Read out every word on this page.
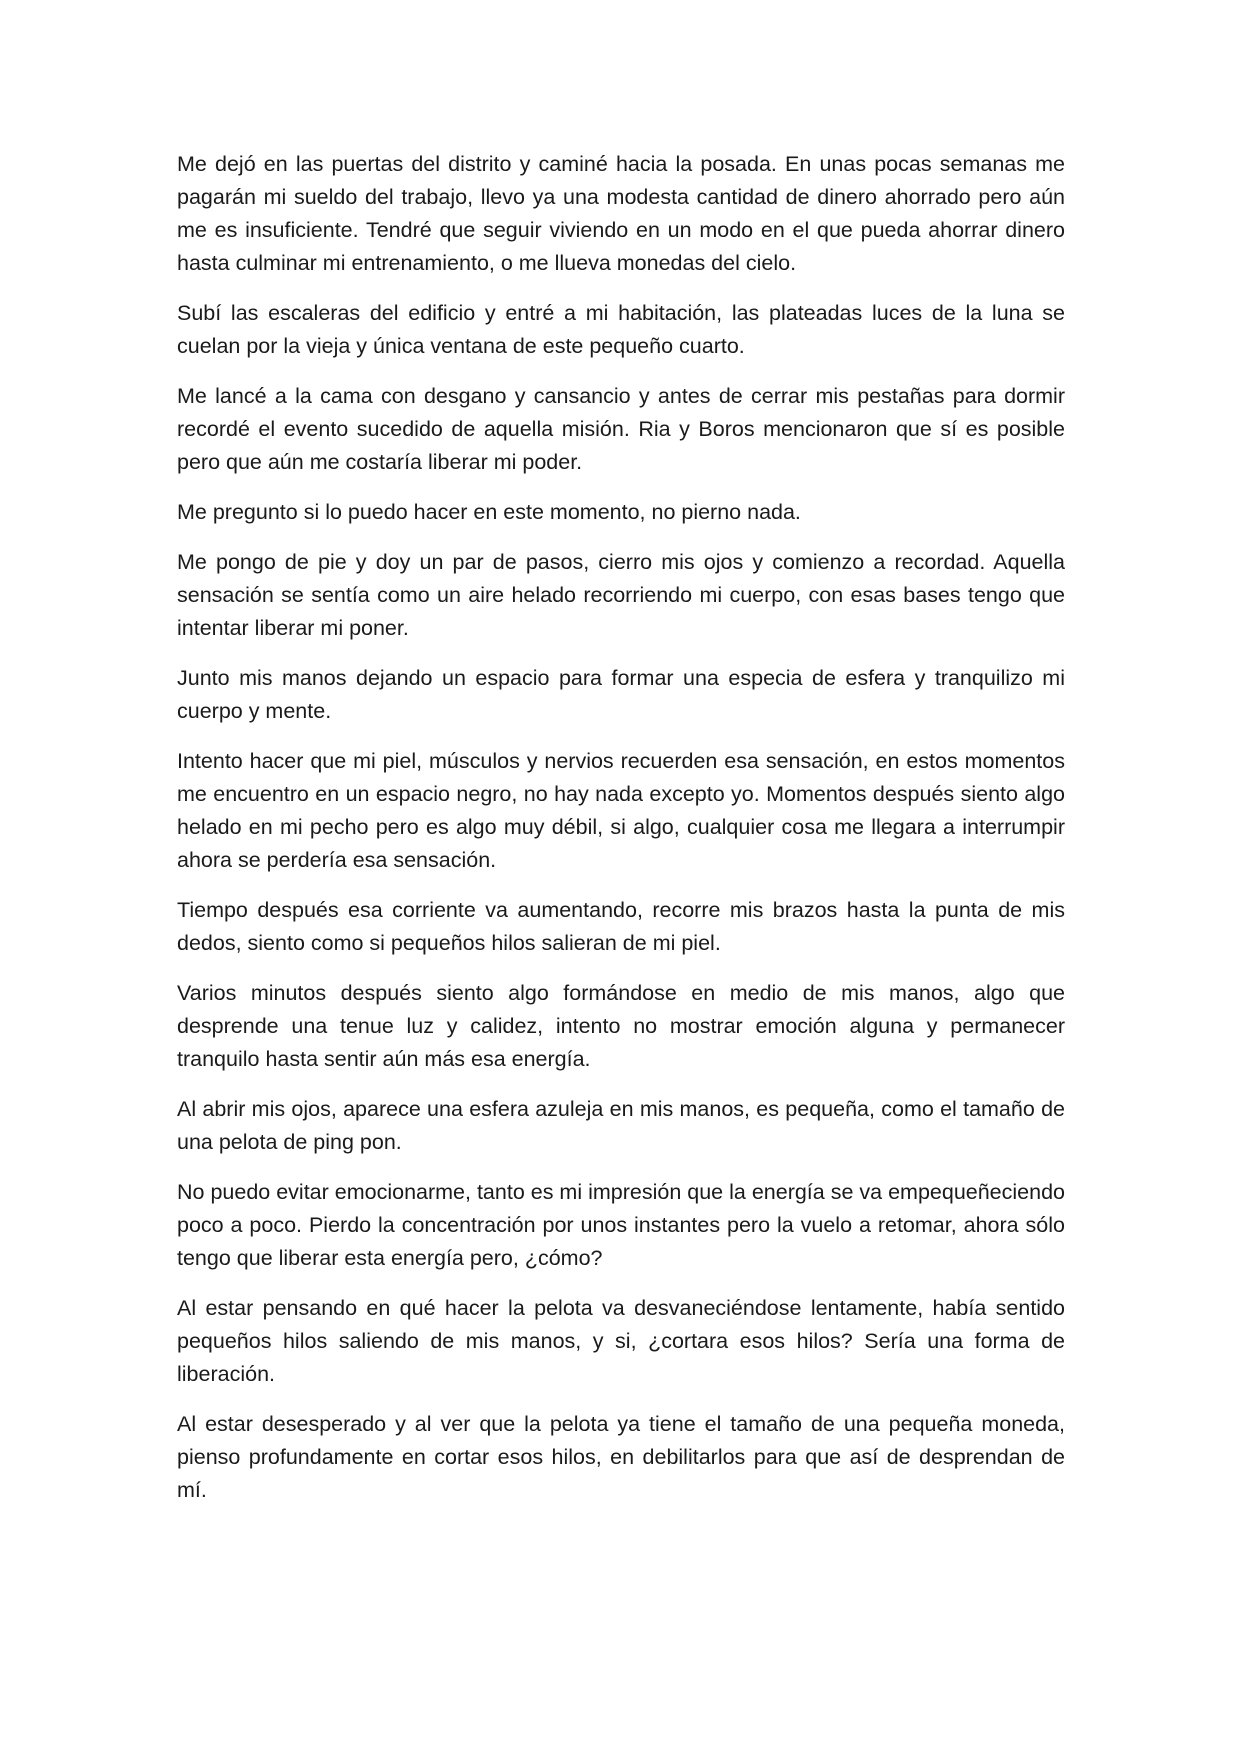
Me dejó en las puertas del distrito y caminé hacia la posada. En unas pocas semanas me pagarán mi sueldo del trabajo, llevo ya una modesta cantidad de dinero ahorrado pero aún me es insuficiente. Tendré que seguir viviendo en un modo en el que pueda ahorrar dinero hasta culminar mi entrenamiento, o me llueva monedas del cielo.

Subí las escaleras del edificio y entré a mi habitación, las plateadas luces de la luna se cuelan por la vieja y única ventana de este pequeño cuarto.

Me lancé a la cama con desgano y cansancio y antes de cerrar mis pestañas para dormir recordé el evento sucedido de aquella misión. Ria y Boros mencionaron que sí es posible pero que aún me costaría liberar mi poder.

Me pregunto si lo puedo hacer en este momento, no pierno nada.

Me pongo de pie y doy un par de pasos, cierro mis ojos y comienzo a recordad. Aquella sensación se sentía como un aire helado recorriendo mi cuerpo, con esas bases tengo que intentar liberar mi poner.

Junto mis manos dejando un espacio para formar una especia de esfera y tranquilizo mi cuerpo y mente.

Intento hacer que mi piel, músculos y nervios recuerden esa sensación, en estos momentos me encuentro en un espacio negro, no hay nada excepto yo. Momentos después siento algo helado en mi pecho pero es algo muy débil, si algo, cualquier cosa me llegara a interrumpir ahora se perdería esa sensación.

Tiempo después esa corriente va aumentando, recorre mis brazos hasta la punta de mis dedos, siento como si pequeños hilos salieran de mi piel.

Varios minutos después siento algo formándose en medio de mis manos, algo que desprende una tenue luz y calidez, intento no mostrar emoción alguna y permanecer tranquilo hasta sentir aún más esa energía.

Al abrir mis ojos, aparece una esfera azuleja en mis manos, es pequeña, como el tamaño de una pelota de ping pon.

No puedo evitar emocionarme, tanto es mi impresión que la energía se va empequeñeciendo poco a poco. Pierdo la concentración por unos instantes pero la vuelo a retomar, ahora sólo tengo que liberar esta energía pero, ¿cómo?

Al estar pensando en qué hacer la pelota va desvaneciéndose lentamente, había sentido pequeños hilos saliendo de mis manos, y si, ¿cortara esos hilos? Sería una forma de liberación.

Al estar desesperado y al ver que la pelota ya tiene el tamaño de una pequeña moneda, pienso profundamente en cortar esos hilos, en debilitarlos para que así de desprendan de mí.
